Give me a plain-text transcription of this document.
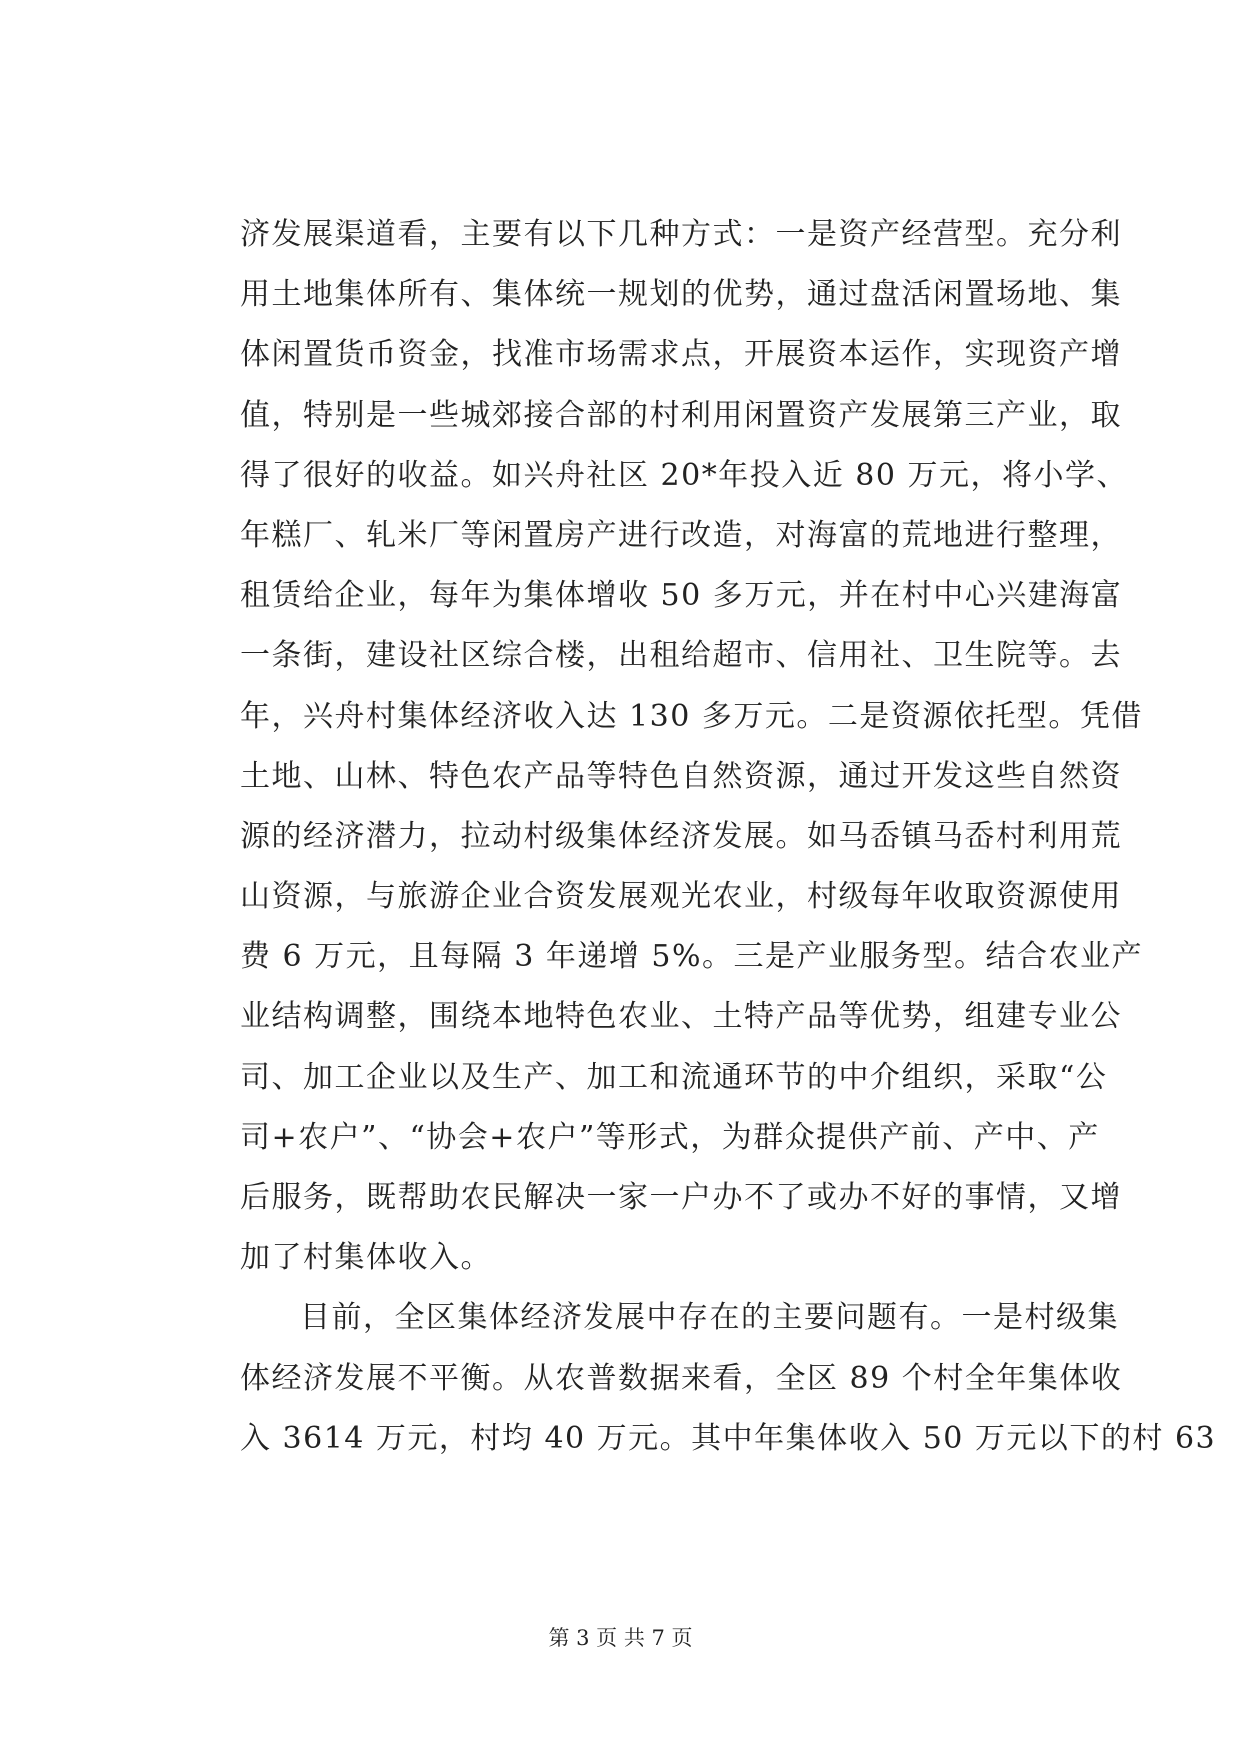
济发展渠道看，主要有以下几种方式：一是资产经营型。充分利
用土地集体所有、集体统一规划的优势，通过盘活闲置场地、集
体闲置货币资金，找准市场需求点，开展资本运作，实现资产增
值，特别是一些城郊接合部的村利用闲置资产发展第三产业，取
得了很好的收益。如兴舟社区 20*年投入近 80 万元，将小学、
年糕厂、轧米厂等闲置房产进行改造，对海富的荒地进行整理，
租赁给企业，每年为集体增收 50 多万元，并在村中心兴建海富
一条街，建设社区综合楼，出租给超市、信用社、卫生院等。去
年，兴舟村集体经济收入达 130 多万元。二是资源依托型。凭借
土地、山林、特色农产品等特色自然资源，通过开发这些自然资
源的经济潜力，拉动村级集体经济发展。如马岙镇马岙村利用荒
山资源，与旅游企业合资发展观光农业，村级每年收取资源使用
费 6 万元，且每隔 3 年递增 5%。三是产业服务型。结合农业产
业结构调整，围绕本地特色农业、土特产品等优势，组建专业公
司、加工企业以及生产、加工和流通环节的中介组织，采取“公
司+农户”、“协会+农户”等形式，为群众提供产前、产中、产
后服务，既帮助农民解决一家一户办不了或办不好的事情，又增
加了村集体收入。
目前，全区集体经济发展中存在的主要问题有。一是村级集
体经济发展不平衡。从农普数据来看，全区 89 个村全年集体收
入 3614 万元，村均 40 万元。其中年集体收入 50 万元以下的村 63
第 3 页 共 7 页
